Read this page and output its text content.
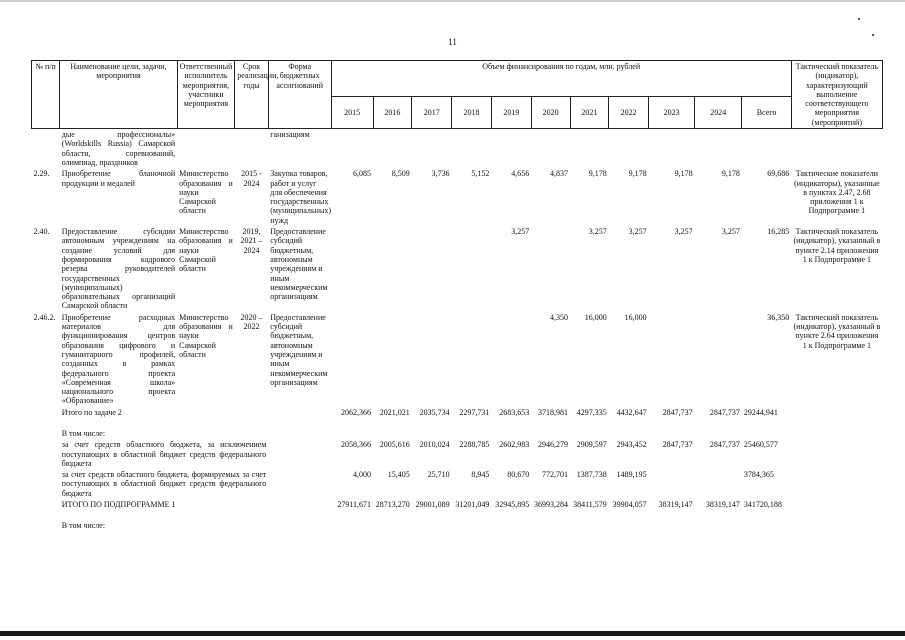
11
№ п/п	Наименование цели, задачи, мероприятия	Ответственный исполнитель мероприятия, участники мероприятия	Срок реализации, годы	Форма бюджетных ассигнований	Объем финансирования по годам, млн. рублей											Тактический показатель (индикатор), характеризующий выполнение соответствующего мероприятия (мероприятий)
					2015	2016	2017	2018	2019	2020	2021	2022	2023	2024	Всего	
	дые профессионалы» (Worldskills Russia) Самарской области, соревнований, олимпиад, праздников			ганизациям												
2.29.	Приобретение бланочной продукции и медалей	Министерство образования и науки Самарской области	2015 - 2024	Закупка товаров, работ и услуг для обеспечения государственных (муниципальных) нужд	6,085	8,509	3,736	5,152	4,656	4,837	9,178	9,178	9,178	9,178	69,686	Тактические показатели (индикаторы), указанные в пунктах 2.47, 2.68 приложения 1 к Подпрограмме 1
2.40.	Предоставление субсидии автономным учреждениям на создание условий для формирования кадрового резерва руководителей государственных (муниципальных) образовательных организаций Самарской области	Министерство образования и науки Самарской области	2019, 2021 – 2024	Предоставление субсидий бюджетным, автономным учреждениям и иным некоммерческим организациям					3,257		3,257	3,257	3,257	3,257	16,285	Тактический показатель (индикатор), указанный в пункте 2.14 приложения 1 к Подпрограмме 1
2.46.2.	Приобретение расходных материалов для функционирования центров образования цифрового и гуманитарного профилей, созданных в рамках федерального проекта «Современная школа» национального проекта «Образование»	Министерство образования и науки Самарской области	2020 – 2022	Предоставление субсидий бюджетным, автономным учреждениям и иным некоммерческим организациям						4,350	16,000	16,000			36,350	Тактический показатель (индикатор), указанный в пункте 2.64 приложения 1 к Подпрограмме 1
	Итого по задаче 2				2062,366	2021,021	2035,734	2297,731	2683,653	3718,981	4297,335	4432,647	2847,737	2847,737	29244,941	

	В том числе:															
	за счет средств областного бюджета, за исключением поступающих в областной бюджет средств федерального бюджета				2058,366	2005,616	2010,024	2288,785	2602,983	2946,279	2909,597	2943,452	2847,737	2847,737	25460,577	
	за счет средств областного бюджета, формируемых за счет поступающих в областной бюджет средств федерального бюджета				4,000	15,405	25,710	8,945	80,670	772,701	1387,738	1489,195			3784,365	
	ИТОГО ПО ПОДПРОГРАММЕ 1				27911,671	28713,270	29001,089	31201,049	32945,895	36993,284	38411,579	39904,057	38319,147	38319,147	341720,188	

	В том числе:															
